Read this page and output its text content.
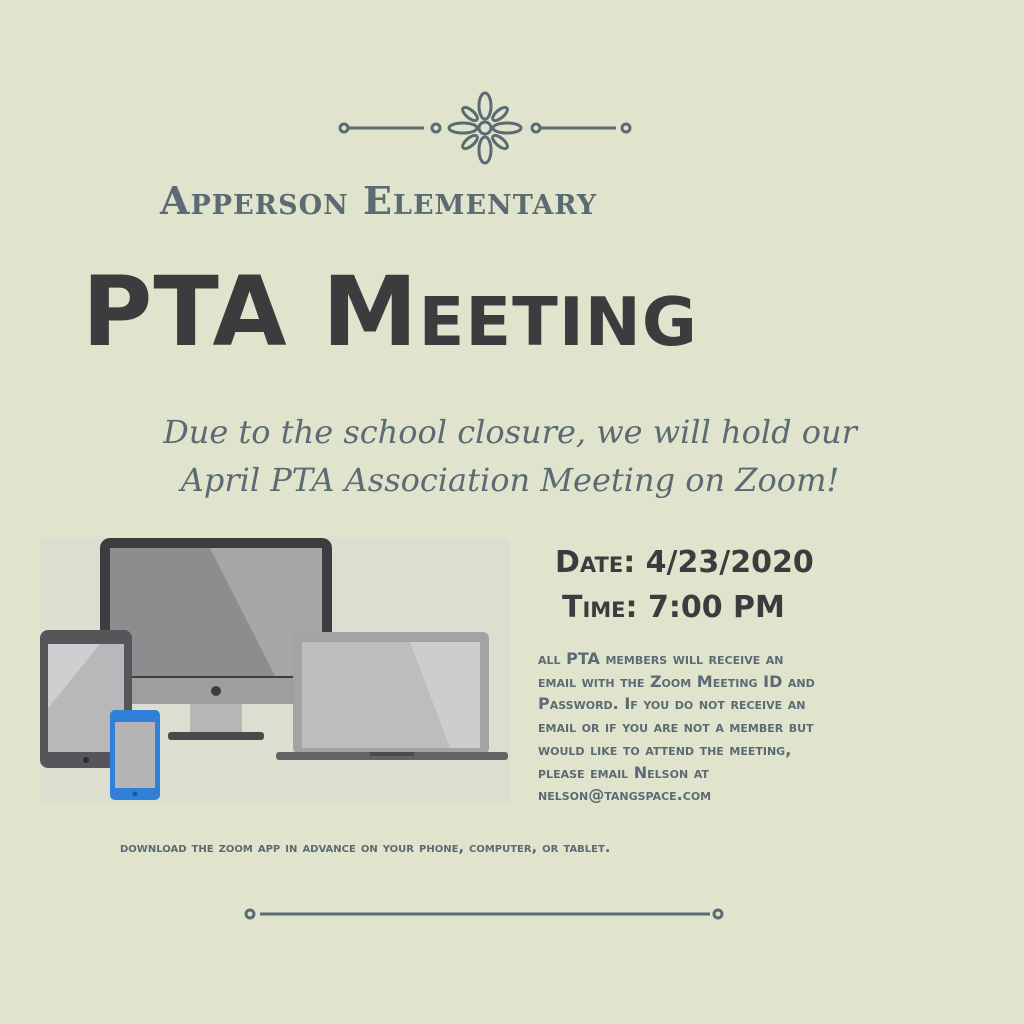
Apperson Elementary
PTA Meeting
Due to the school closure, we will hold our
April PTA Association Meeting on Zoom!
Date: 4/23/2020
Time: 7:00 PM
all PTA members will receive an
email with the Zoom Meeting ID and
Password. If you do not receive an
email or if you are not a member but
would like to attend the meeting,
please email Nelson at
nelson@tangspace.com
download the zoom app in advance on your phone, computer, or tablet.
